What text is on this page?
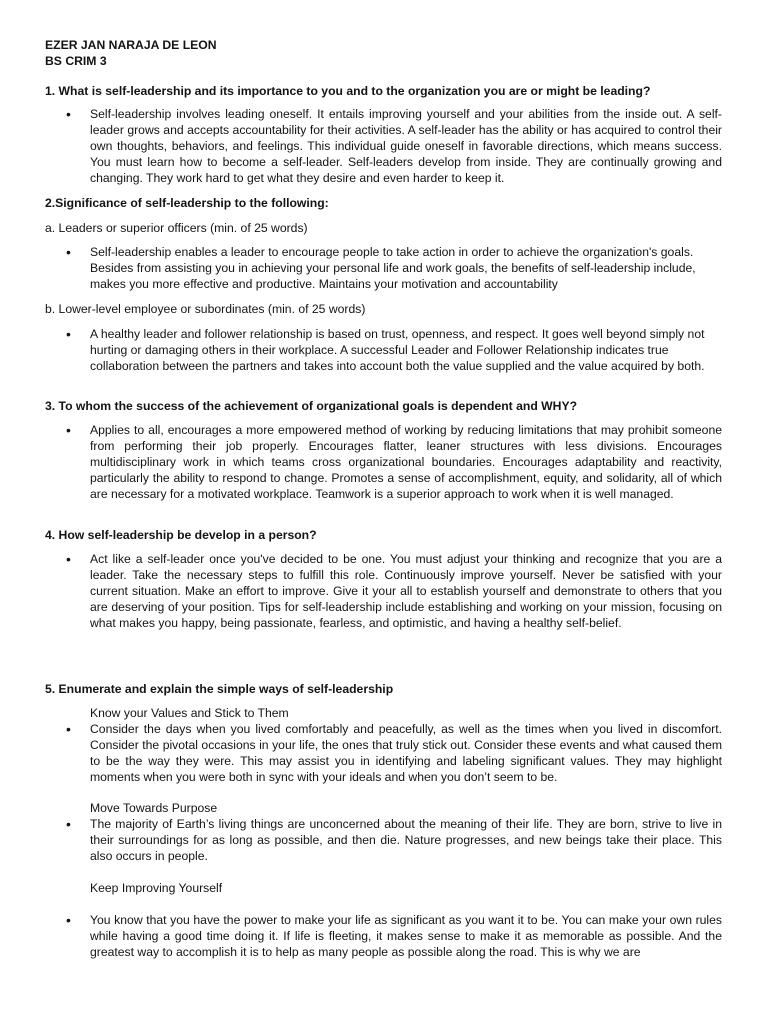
EZER JAN NARAJA DE LEON

BS CRIM 3

1. What is self-leadership and its importance to you and to the organization you are or might be leading?

• Self-leadership involves leading oneself. It entails improving yourself and your abilities from the inside out. A self-leader grows and accepts accountability for their activities. A self-leader has the ability or has acquired to control their own thoughts, behaviors, and feelings. This individual guide oneself in favorable directions, which means success. You must learn how to become a self-leader. Self-leaders develop from inside. They are continually growing and changing. They work hard to get what they desire and even harder to keep it.

2.Significance of self-leadership to the following:

a. Leaders or superior officers (min. of 25 words)

• Self-leadership enables a leader to encourage people to take action in order to achieve the organization's goals. Besides from assisting you in achieving your personal life and work goals, the benefits of self-leadership include, makes you more effective and productive. Maintains your motivation and accountability

b. Lower-level employee or subordinates (min. of 25 words)

• A healthy leader and follower relationship is based on trust, openness, and respect. It goes well beyond simply not hurting or damaging others in their workplace. A successful Leader and Follower Relationship indicates true collaboration between the partners and takes into account both the value supplied and the value acquired by both.

3. To whom the success of the achievement of organizational goals is dependent and WHY?

• Applies to all, encourages a more empowered method of working by reducing limitations that may prohibit someone from performing their job properly. Encourages flatter, leaner structures with less divisions. Encourages multidisciplinary work in which teams cross organizational boundaries. Encourages adaptability and reactivity, particularly the ability to respond to change. Promotes a sense of accomplishment, equity, and solidarity, all of which are necessary for a motivated workplace. Teamwork is a superior approach to work when it is well managed.

4. How self-leadership be develop in a person?

• Act like a self-leader once you've decided to be one. You must adjust your thinking and recognize that you are a leader. Take the necessary steps to fulfill this role. Continuously improve yourself. Never be satisfied with your current situation. Make an effort to improve. Give it your all to establish yourself and demonstrate to others that you are deserving of your position. Tips for self-leadership include establishing and working on your mission, focusing on what makes you happy, being passionate, fearless, and optimistic, and having a healthy self-belief.

5. Enumerate and explain the simple ways of self-leadership

Know your Values and Stick to Them

• Consider the days when you lived comfortably and peacefully, as well as the times when you lived in discomfort. Consider the pivotal occasions in your life, the ones that truly stick out. Consider these events and what caused them to be the way they were. This may assist you in identifying and labeling significant values. They may highlight moments when you were both in sync with your ideals and when you don’t seem to be.

Move Towards Purpose

• The majority of Earth’s living things are unconcerned about the meaning of their life. They are born, strive to live in their surroundings for as long as possible, and then die. Nature progresses, and new beings take their place. This also occurs in people.

Keep Improving Yourself

• You know that you have the power to make your life as significant as you want it to be. You can make your own rules while having a good time doing it. If life is fleeting, it makes sense to make it as memorable as possible. And the greatest way to accomplish it is to help as many people as possible along the road. This is why we are
